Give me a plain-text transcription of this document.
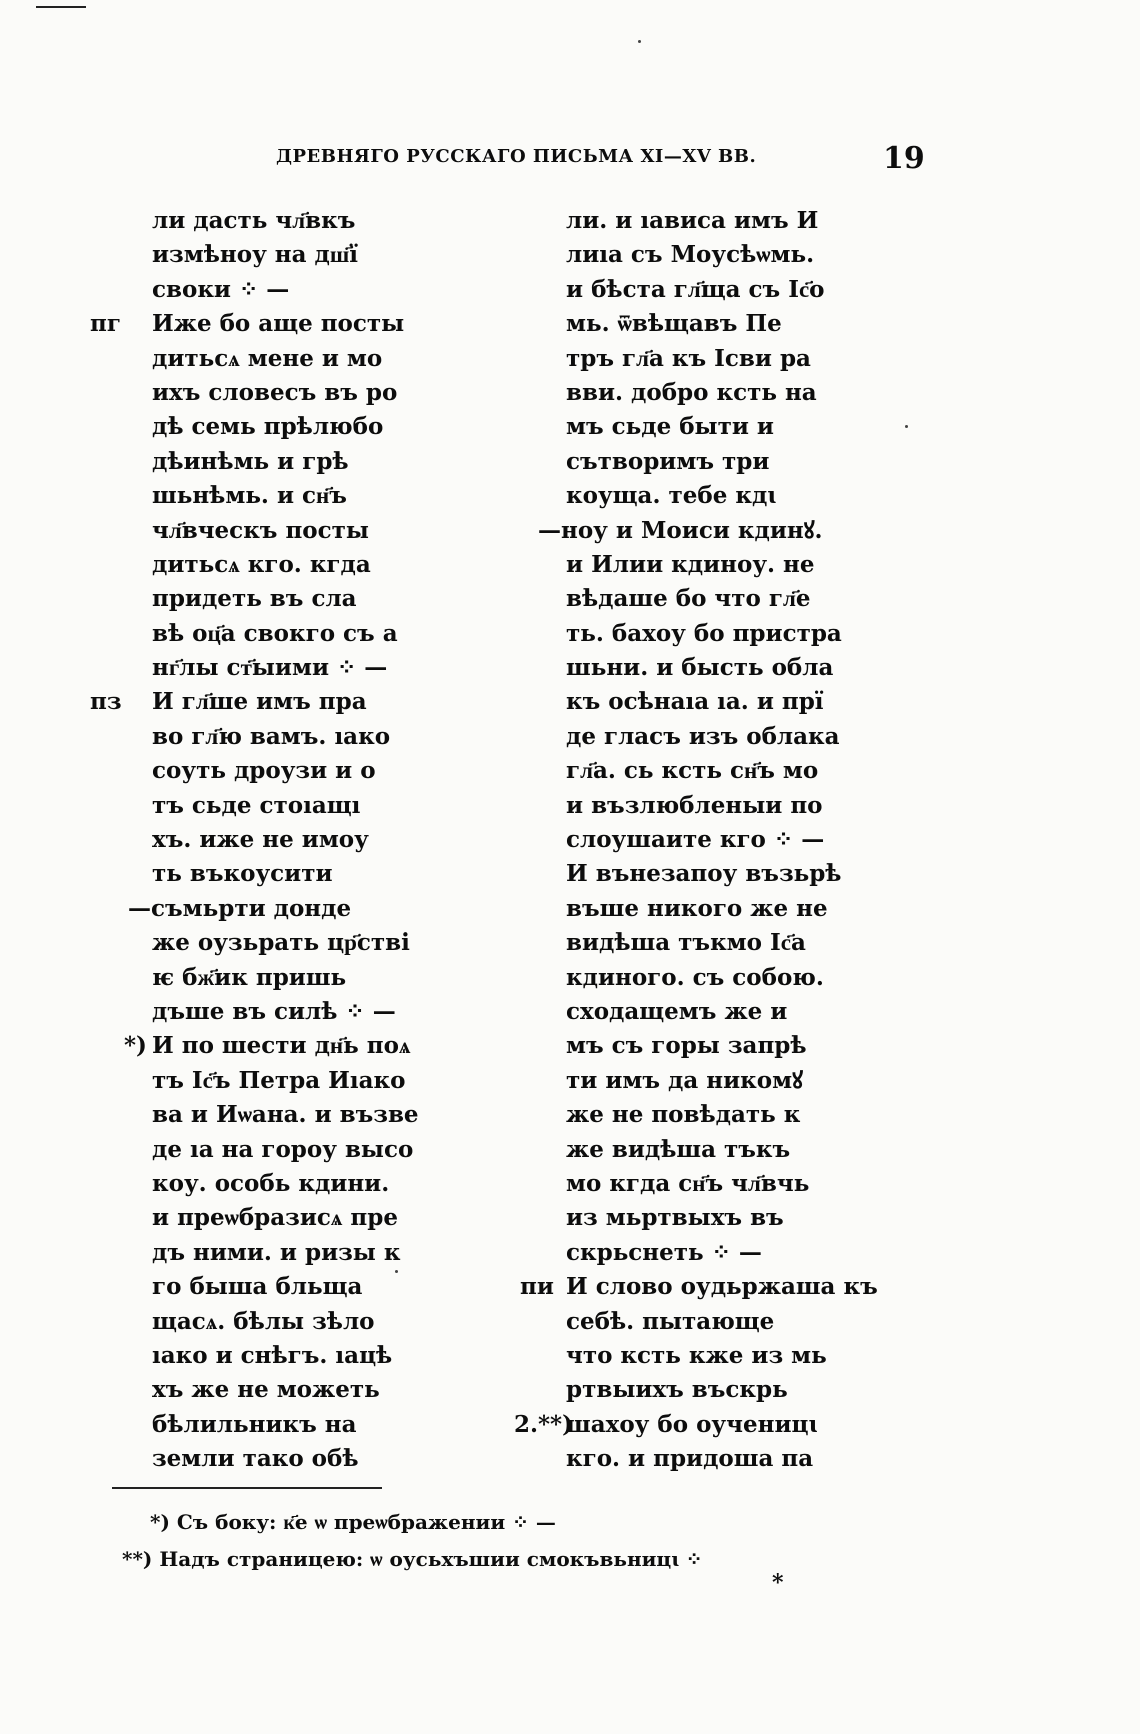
ДРЕВНЯГО РУССКАГО ПИСЬМА XI—XV ВВ.	19
ли дасть чл҃вкъ
измѣноу на дш҃ї
своки ⁘ —
пг	Иже бо аще посты
дитьсѧ мене и мо
ихъ словесъ въ ро
дѣ семь прѣлюбо
дѣинѣмь и грѣ
шьнѣмь. и сн҃ъ
чл҃вческъ посты
дитьсѧ кго. кгда
придеть въ сла
вѣ оц҃а свокго съ а
нг҃лы ст҃ыими ⁘ —
пз	И гл҃ше имъ пра
во гл҃ю вамъ. ıако
соуть дроузи и о
тъ сьде стоıащı
хъ. иже не имоу
ть въкоусити
—съмьрти донде
же оузьрать цр҃стві
ѥ бж҃ик пришь
дъше въ силѣ ⁘ —
*) И по шести дн҃ь поѧ
тъ Іс҃ъ Петра Иıако
ва и Иѡана. и възве
де ıа на гороу высо
коу. особь кдини.
и преѡбразисѧ пре
дъ ними. и ризы к
го быша бльща
щасѧ. бѣлы зѣло
ıако и снѣгъ. ıацѣ
хъ же не можеть
бѣлильникъ на
земли тако обѣ
ли. и ıависа имъ И
лиıа съ Моусѣѡмь.
и бѣста гл҃ща съ Іс҃о
мь. ѿвѣщавъ Пе
тръ гл҃а къ Ісви ра
вви. добро ксть на
мъ сьде быти и
сътворимъ три
коуща. тебе кдꙇ
—ноу и Моиси кдинꙋ.
и Илии кдиноу. не
вѣдаше бо что гл҃е
ть. бахоу бо пристра
шьни. и бысть обла
къ осѣнаıа ıа. и прї
де гласъ изъ облака
гл҃а. сь ксть сн҃ъ мо
и възлюбленыи по
слоушаите кго ⁘ —
И вънезапоу възьрѣ
въше никого же не
видѣша тъкмо Іс҃а
кдиного. съ собою.
сходащемъ же и
мъ съ горы запрѣ
ти имъ да никомꙋ
же не повѣдать к
же видѣша тъкъ
мо кгда сн҃ъ чл҃вчь
из мьртвыхъ въ
скрьснеть ⁘ —
пи И слово оудьржаша къ
себѣ. пытающе
что ксть кже из мь
ртвыихъ въскрь
2.**)
шахоу бо оученицꙇ
кго. и придоша па
*) Съ боку: к҃е ѡ преѡбражении ⁘ —
**) Надъ страницею: ѡ оусьхъшии смокъвьницꙇ ⁘
*
